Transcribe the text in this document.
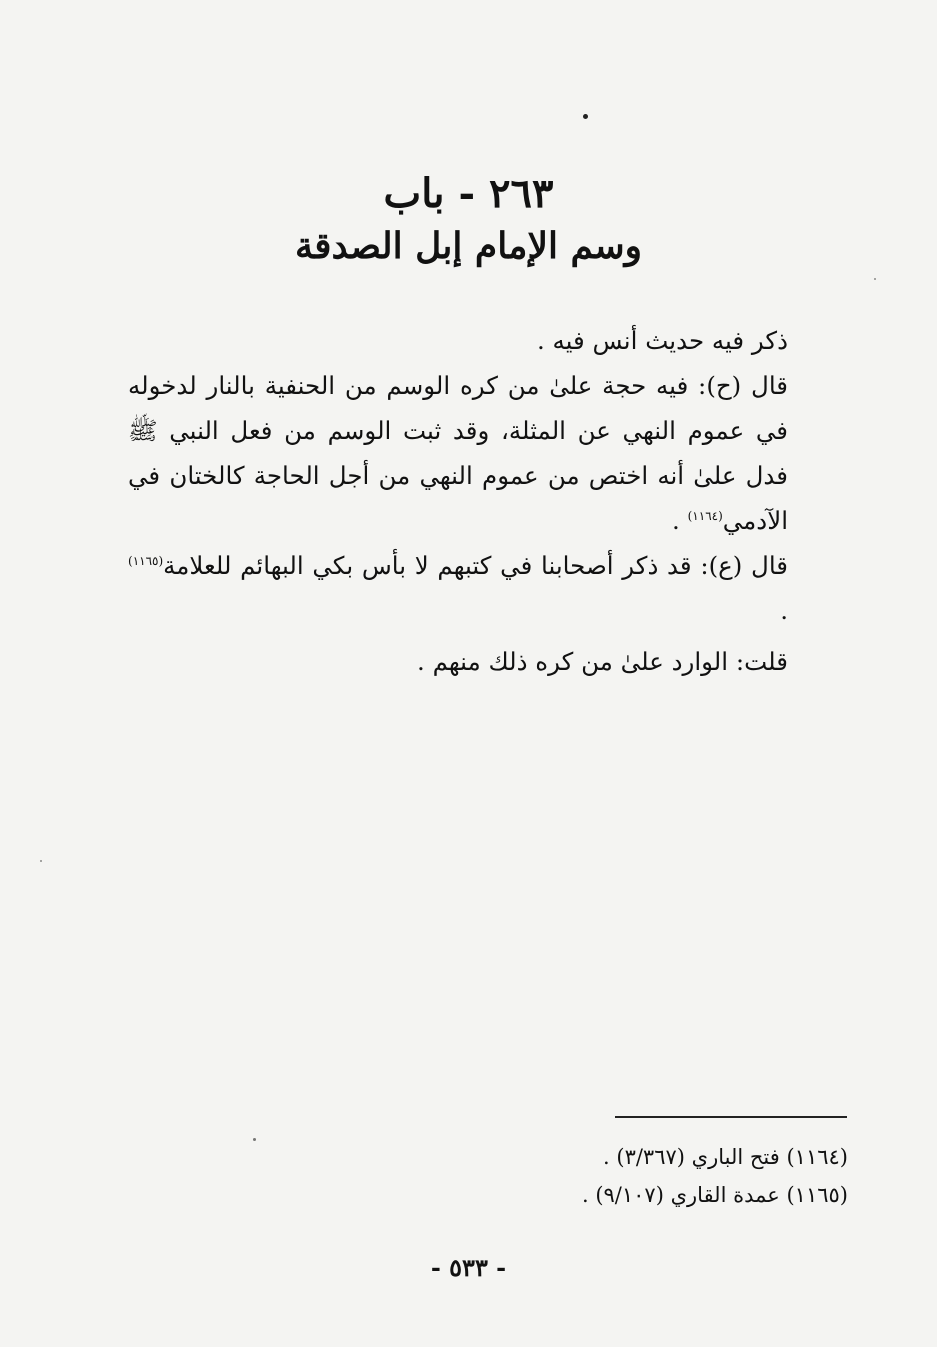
٢٦٣ - باب
وسم الإمام إبل الصدقة

ذكر فيه حديث أنس فيه .

قال (ح): فيه حجة علىٰ من كره الوسم من الحنفية بالنار لدخوله في عموم النهي عن المثلة، وقد ثبت الوسم من فعل النبي ﷺ فدل علىٰ أنه اختص من عموم النهي من أجل الحاجة كالختان في الآدمي$^{(١١٦٤)}$ .

قال (ع): قد ذكر أصحابنا في كتبهم لا بأس بكي البهائم للعلامة$^{(١١٦٥)}$ .

قلت: الوارد علىٰ من كره ذلك منهم .

(١١٦٤) فتح الباري (٣/٣٦٧) .

(١١٦٥) عمدة القاري (٩/١٠٧) .

- ٥٣٣ -
